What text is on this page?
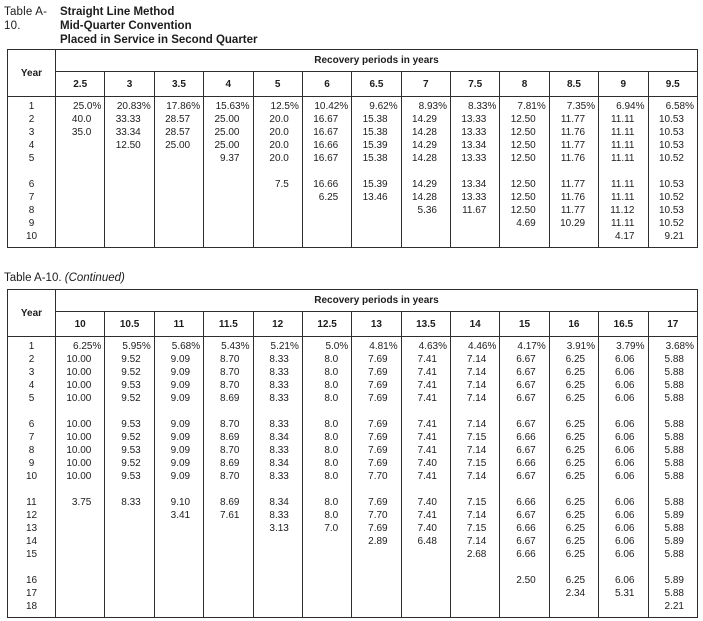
Table A-10.
Straight Line Method
Mid-Quarter Convention
Placed in Service in Second Quarter
Year	Recovery periods in years												
	2.5	3	3.5	4	5	6	6.5	7	7.5	8	8.5	9	9.5
1	25.0%	20.83%	17.86%	15.63%	12.5%	10.42%	9.62%	8.93%	8.33%	7.81%	7.35%	6.94%	6.58%
2	40.0	33.33	28.57	25.00	20.0	16.67	15.38	14.29	13.33	12.50	11.77	11.11	10.53
3	35.0	33.34	28.57	25.00	20.0	16.67	15.38	14.28	13.33	12.50	11.76	11.11	10.53
4		12.50	25.00	25.00	20.0	16.66	15.39	14.29	13.34	12.50	11.77	11.11	10.53
5				9.37	20.0	16.67	15.38	14.28	13.33	12.50	11.76	11.11	10.52

6					7.5	16.66	15.39	14.29	13.34	12.50	11.77	11.11	10.53
7						6.25	13.46	14.28	13.33	12.50	11.76	11.11	10.52
8								5.36	11.67	12.50	11.77	11.12	10.53
9										4.69	10.29	11.11	10.52
10												4.17	9.21
Table A-10. (Continued)
Year	Recovery periods in years												
	10	10.5	11	11.5	12	12.5	13	13.5	14	15	16	16.5	17
1	6.25%	5.95%	5.68%	5.43%	5.21%	5.0%	4.81%	4.63%	4.46%	4.17%	3.91%	3.79%	3.68%
2	10.00	9.52	9.09	8.70	8.33	8.0	7.69	7.41	7.14	6.67	6.25	6.06	5.88
3	10.00	9.52	9.09	8.70	8.33	8.0	7.69	7.41	7.14	6.67	6.25	6.06	5.88
4	10.00	9.53	9.09	8.70	8.33	8.0	7.69	7.41	7.14	6.67	6.25	6.06	5.88
5	10.00	9.52	9.09	8.69	8.33	8.0	7.69	7.41	7.14	6.67	6.25	6.06	5.88

6	10.00	9.53	9.09	8.70	8.33	8.0	7.69	7.41	7.14	6.67	6.25	6.06	5.88
7	10.00	9.52	9.09	8.69	8.34	8.0	7.69	7.41	7.15	6.66	6.25	6.06	5.88
8	10.00	9.53	9.09	8.70	8.33	8.0	7.69	7.41	7.14	6.67	6.25	6.06	5.88
9	10.00	9.52	9.09	8.69	8.34	8.0	7.69	7.40	7.15	6.66	6.25	6.06	5.88
10	10.00	9.53	9.09	8.70	8.33	8.0	7.70	7.41	7.14	6.67	6.25	6.06	5.88

11	3.75	8.33	9.10	8.69	8.34	8.0	7.69	7.40	7.15	6.66	6.25	6.06	5.88
12			3.41	7.61	8.33	8.0	7.70	7.41	7.14	6.67	6.25	6.06	5.89
13					3.13	7.0	7.69	7.40	7.15	6.66	6.25	6.06	5.88
14							2.89	6.48	7.14	6.67	6.25	6.06	5.89
15									2.68	6.66	6.25	6.06	5.88

16										2.50	6.25	6.06	5.89
17											2.34	5.31	5.88
18													2.21
